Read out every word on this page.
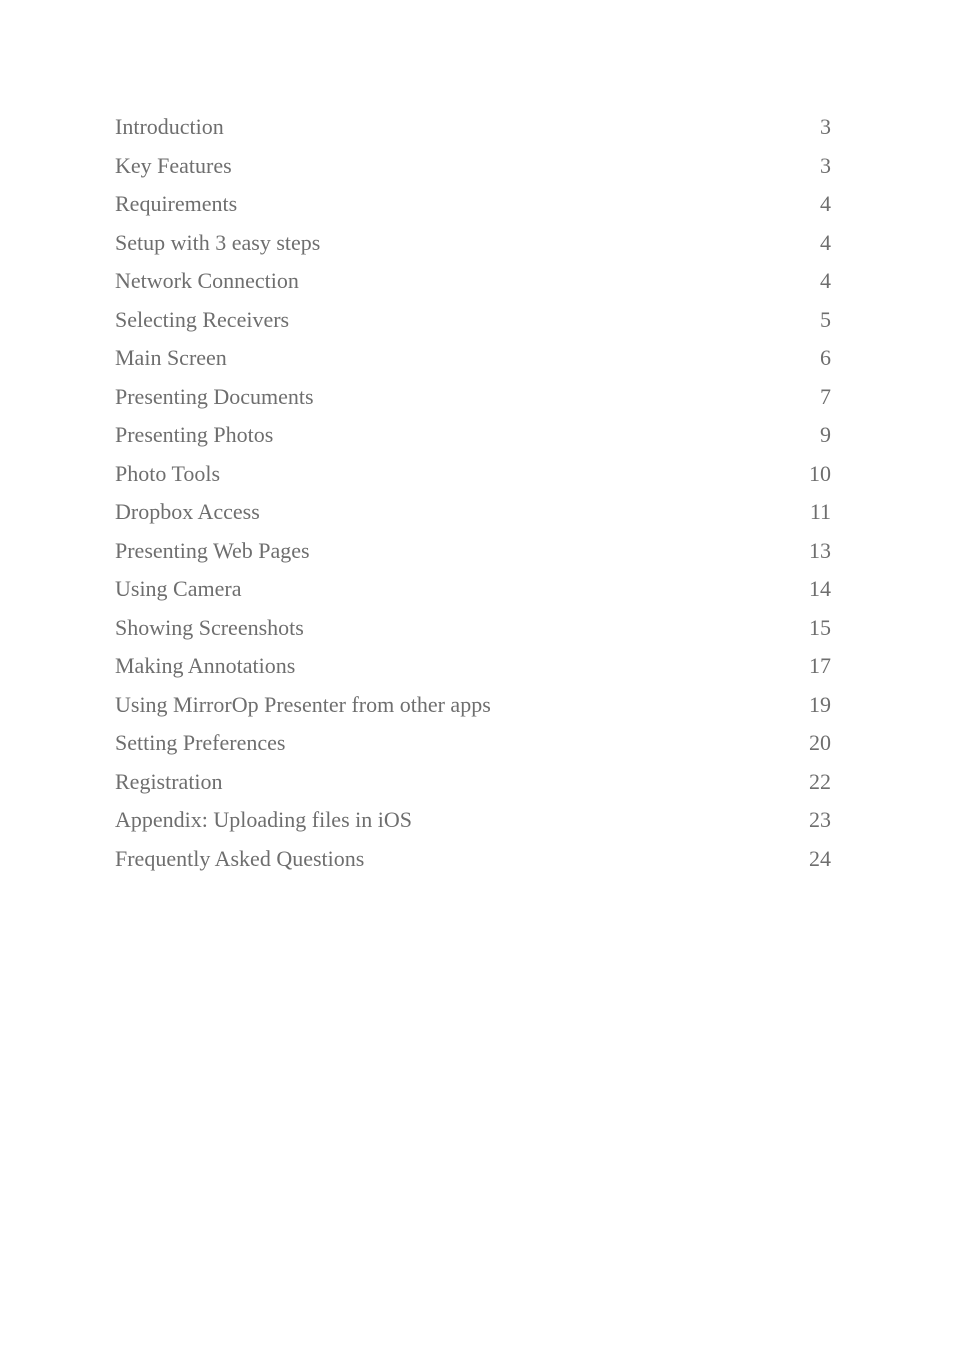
Introduction	3
Key Features	3
Requirements	4
Setup with 3 easy steps	4
Network Connection	4
Selecting Receivers	5
Main Screen	6
Presenting Documents	7
Presenting Photos	9
Photo Tools	10
Dropbox Access	11
Presenting Web Pages	13
Using Camera	14
Showing Screenshots	15
Making Annotations	17
Using MirrorOp Presenter from other apps	19
Setting Preferences	20
Registration	22
Appendix: Uploading files in iOS	23
Frequently Asked Questions	24
